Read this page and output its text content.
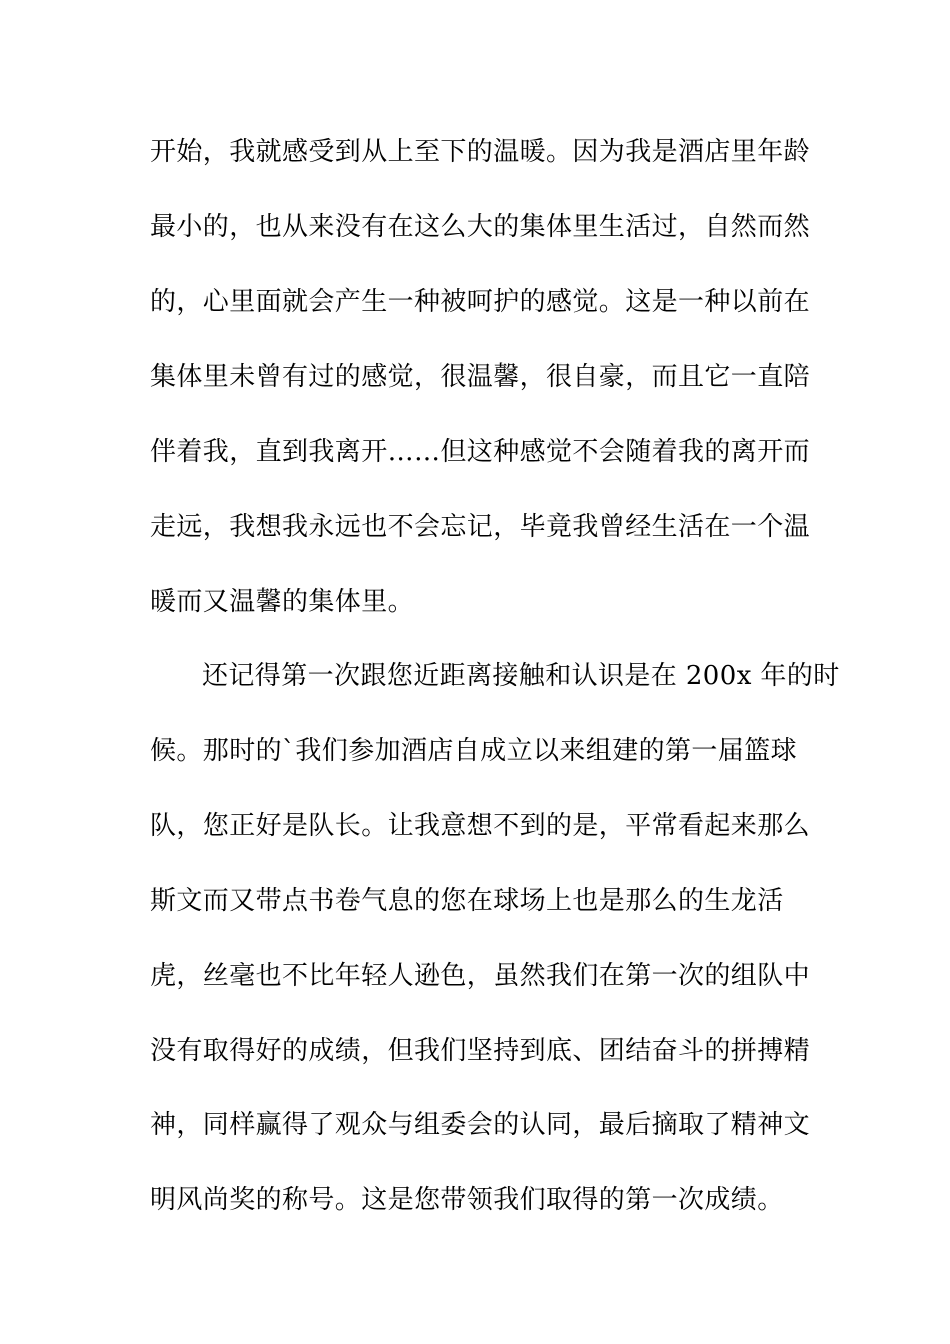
开始，我就感受到从上至下的温暖。因为我是酒店里年龄
最小的，也从来没有在这么大的集体里生活过，自然而然
的，心里面就会产生一种被呵护的感觉。这是一种以前在
集体里未曾有过的感觉，很温馨，很自豪，而且它一直陪
伴着我，直到我离开……但这种感觉不会随着我的离开而
走远，我想我永远也不会忘记，毕竟我曾经生活在一个温
暖而又温馨的集体里。
还记得第一次跟您近距离接触和认识是在 200x 年的时
候。那时的`我们参加酒店自成立以来组建的第一届篮球
队，您正好是队长。让我意想不到的是，平常看起来那么
斯文而又带点书卷气息的您在球场上也是那么的生龙活
虎，丝毫也不比年轻人逊色，虽然我们在第一次的组队中
没有取得好的成绩，但我们坚持到底、团结奋斗的拼搏精
神，同样赢得了观众与组委会的认同，最后摘取了精神文
明风尚奖的称号。这是您带领我们取得的第一次成绩。
